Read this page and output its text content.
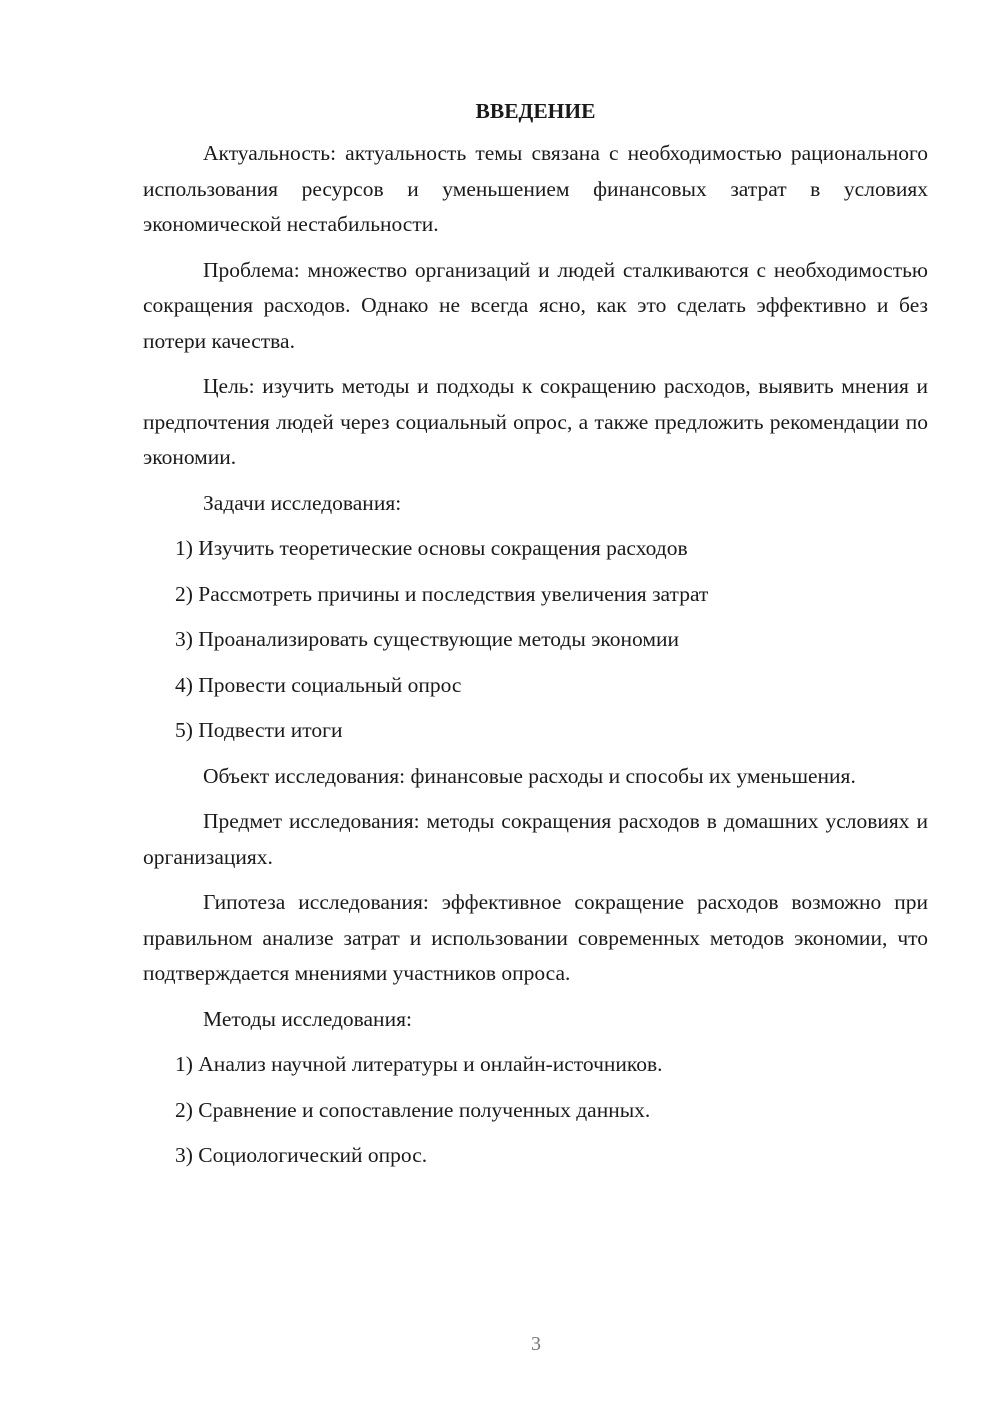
ВВЕДЕНИЕ
Актуальность: актуальность темы связана с необходимостью рационального использования ресурсов и уменьшением финансовых затрат в условиях экономической нестабильности.
Проблема: множество организаций и людей сталкиваются с необходимостью сокращения расходов. Однако не всегда ясно, как это сделать эффективно и без потери качества.
Цель: изучить методы и подходы к сокращению расходов, выявить мнения и предпочтения людей через социальный опрос, а также предложить рекомендации по экономии.
Задачи исследования:
1) Изучить теоретические основы сокращения расходов
2) Рассмотреть причины и последствия увеличения затрат
3) Проанализировать существующие методы экономии
4) Провести социальный опрос
5) Подвести итоги
Объект исследования: финансовые расходы и способы их уменьшения.
Предмет исследования: методы сокращения расходов в домашних условиях и организациях.
Гипотеза исследования: эффективное сокращение расходов возможно при правильном анализе затрат и использовании современных методов экономии, что подтверждается мнениями участников опроса.
Методы исследования:
1) Анализ научной литературы и онлайн-источников.
2) Сравнение и сопоставление полученных данных.
3) Социологический опрос.
3
